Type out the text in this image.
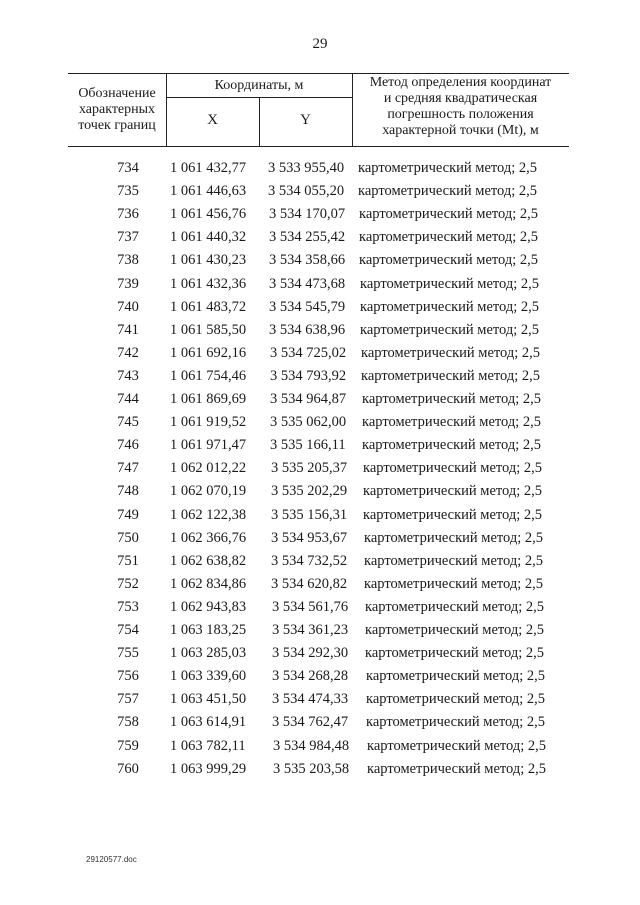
29
Обозначение
характерных
точек границ
Координаты, м
X	Y
Метод определения координат
и средняя квадратическая
погрешность положения
характерной точки (Mt), м
734	1 061 432,77	3 533 955,40 картометрический метод; 2,5
735	1 061 446,63	3 534 055,20 картометрический метод; 2,5
736	1 061 456,76	3 534 170,07 картометрический метод; 2,5
737	1 061 440,32	3 534 255,42 картометрический метод; 2,5
738	1 061 430,23	3 534 358,66 картометрический метод; 2,5
739	1 061 432,36	3 534 473,68	картометрический метод; 2,5
740	1 061 483,72	3 534 545,79	картометрический метод; 2,5
741	1 061 585,50	3 534 638,96	картометрический метод; 2,5
742	1 061 692,16	3 534 725,02	картометрический метод; 2,5
743	1 061 754,46	3 534 793,92	картометрический метод; 2,5
744	1 061 869,69	3 534 964,87	картометрический метод; 2,5
745	1 061 919,52	3 535 062,00	картометрический метод; 2,5
746	1 061 971,47	3 535 166,11	картометрический метод; 2,5
747	1 062 012,22	3 535 205,37	картометрический метод; 2,5
748	1 062 070,19	3 535 202,29	картометрический метод; 2,5
749	1 062 122,38	3 535 156,31	картометрический метод; 2,5
750	1 062 366,76	3 534 953,67	картометрический метод; 2,5
751	1 062 638,82	3 534 732,52	картометрический метод; 2,5
752	1 062 834,86	3 534 620,82	картометрический метод; 2,5
753	1 062 943,83	3 534 561,76	картометрический метод; 2,5
754	1 063 183,25	3 534 361,23	картометрический метод; 2,5
755	1 063 285,03	3 534 292,30	картометрический метод; 2,5
756	1 063 339,60	3 534 268,28	картометрический метод; 2,5
757	1 063 451,50	3 534 474,33	картометрический метод; 2,5
758	1 063 614,91	3 534 762,47	картометрический метод; 2,5
759	1 063 782,11	3 534 984,48	картометрический метод; 2,5
760	1 063 999,29	3 535 203,58	картометрический метод; 2,5
29120577.doc
